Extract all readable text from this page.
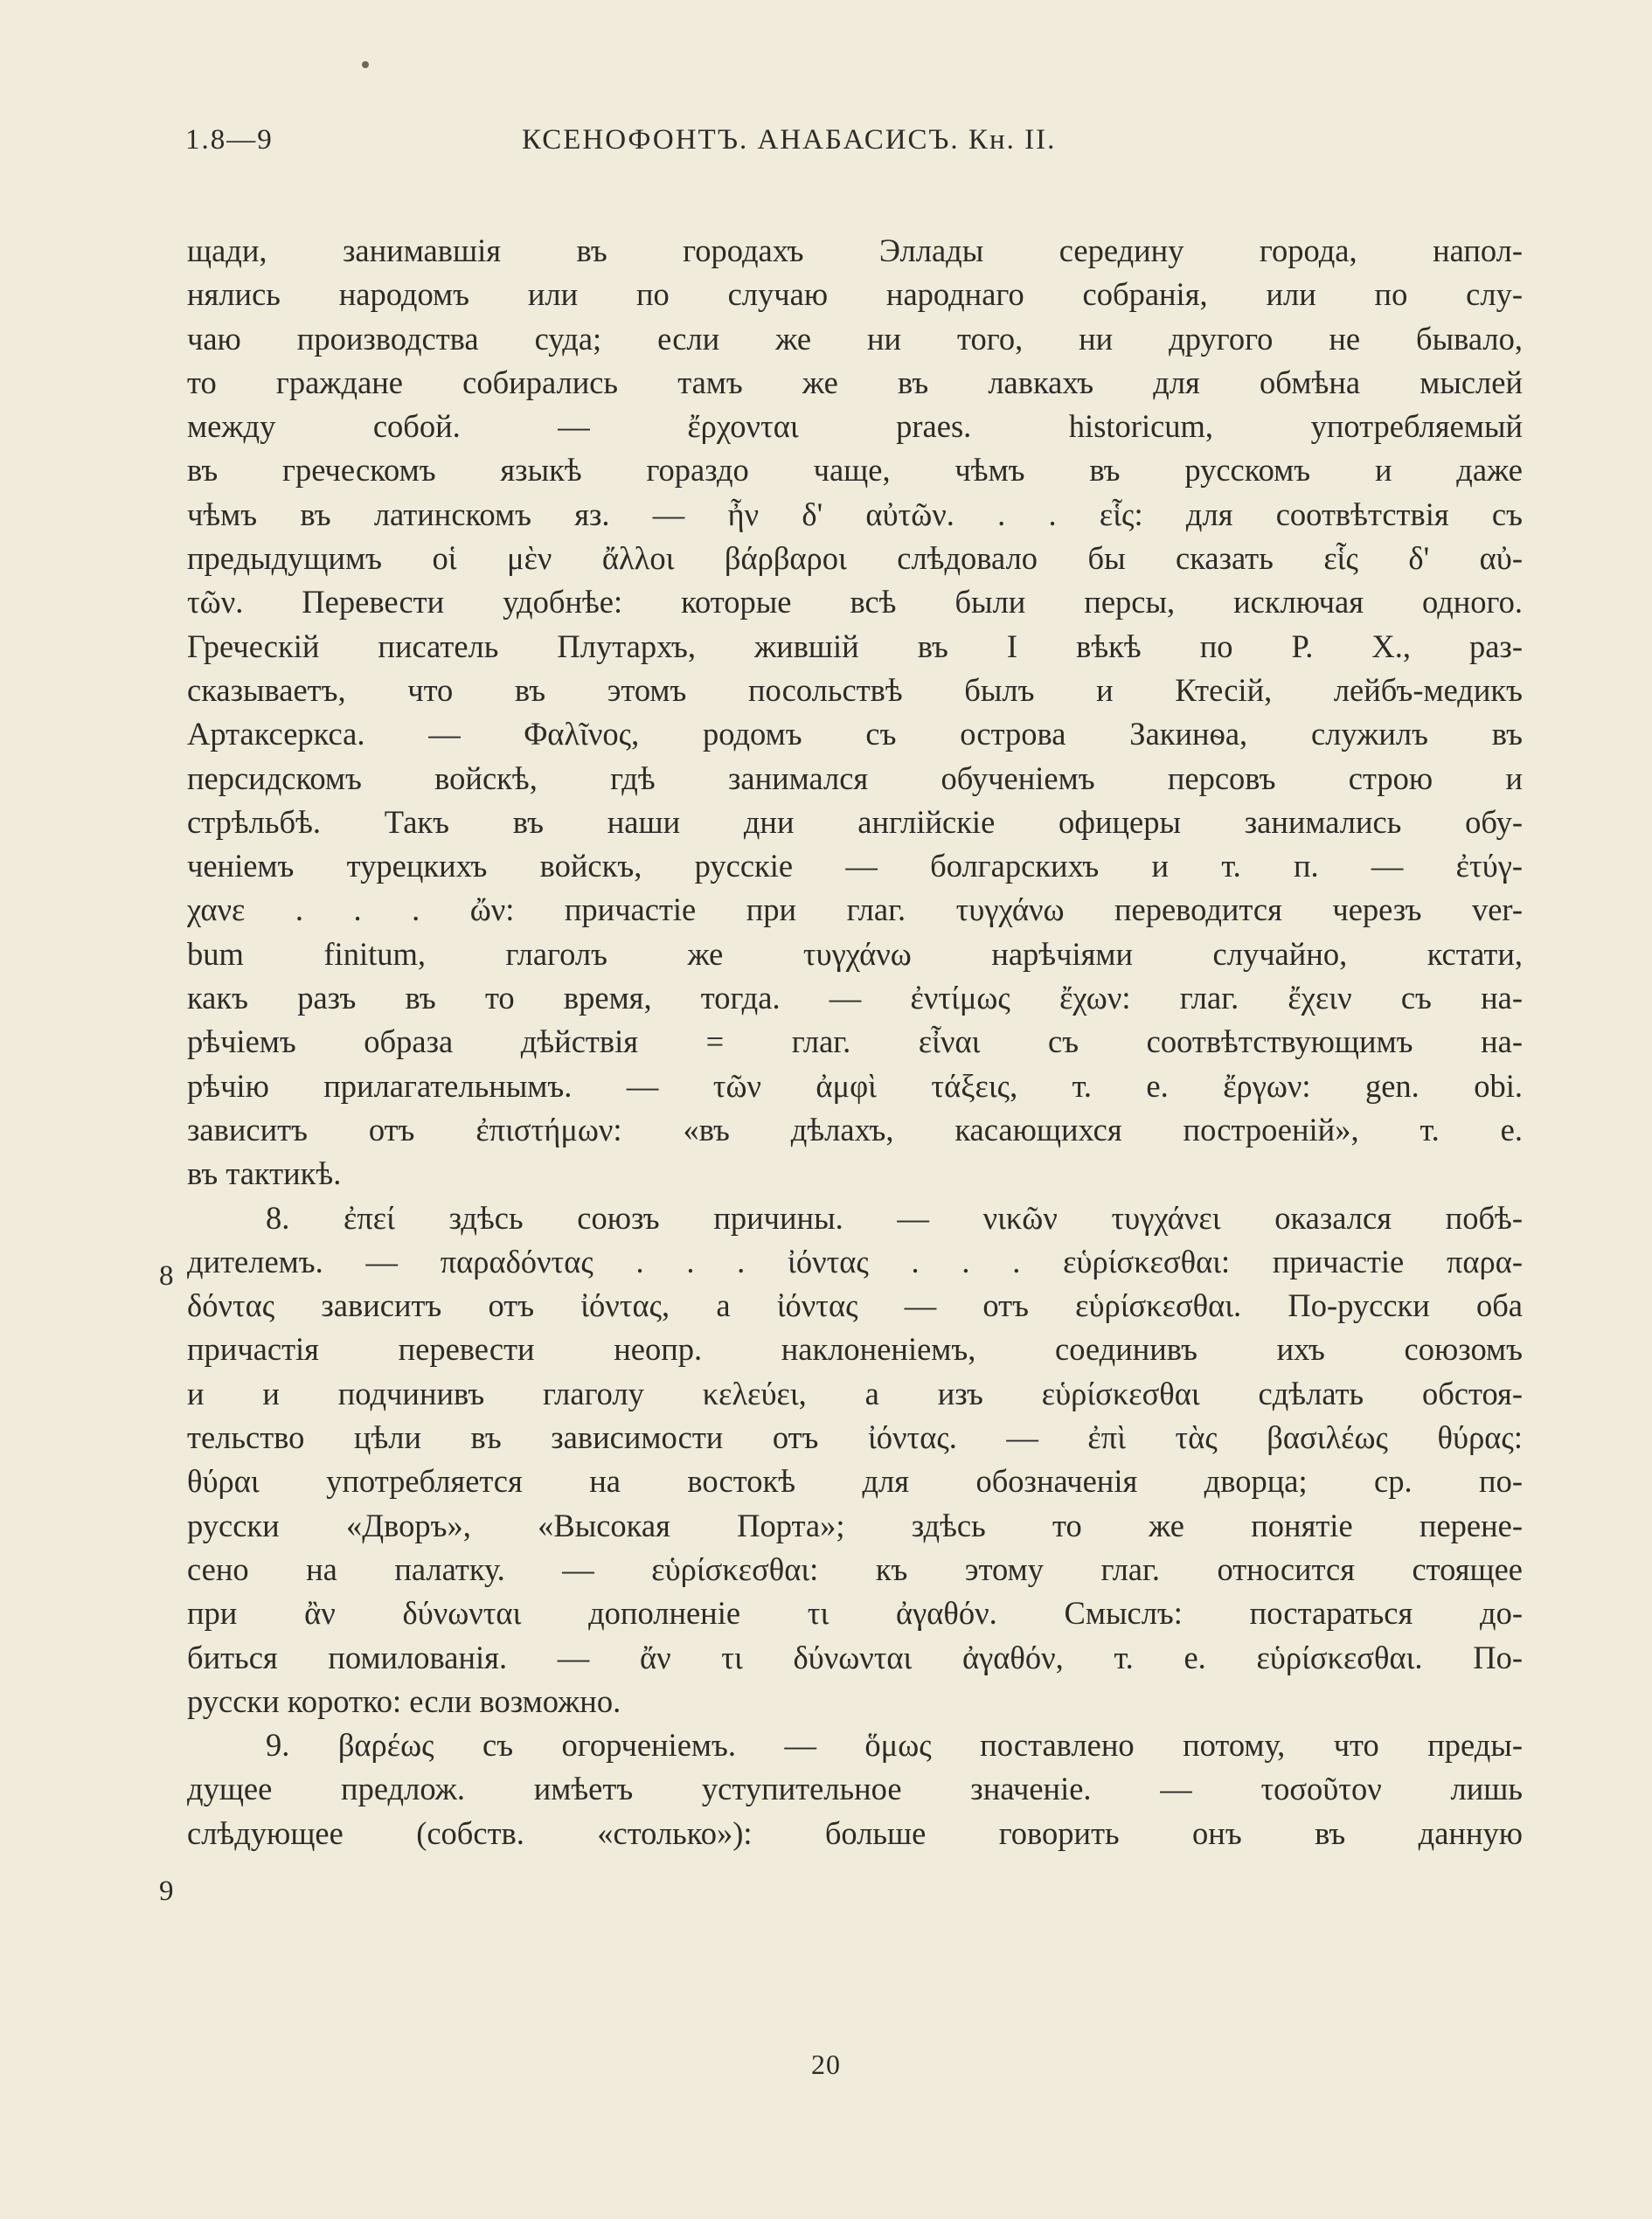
1.8—9	КСЕНОФОНТЪ. АНАБАСИСЪ. Кн. II.
8
9
щади, занимавшія въ городахъ Эллады середину города, напол-
нялись народомъ или по случаю народнаго собранія, или по слу-
чаю производства суда; если же ни того, ни другого не бывало,
то граждане собирались тамъ же въ лавкахъ для обмѣна мыслей
между собой. — ἔρχονται praes. historicum, употребляемый
въ греческомъ языкѣ гораздо чаще, чѣмъ въ русскомъ и даже
чѣмъ въ латинскомъ яз. — ἦν δ' αὐτῶν. . . εἷς: для соотвѣтствія съ
предыдущимъ οἱ μὲν ἄλλοι βάρβαροι слѣдовало бы сказать εἷς δ' αὐ-
τῶν. Перевести удобнѣе: которые всѣ были персы, исключая одного.
Греческій писатель Плутархъ, жившій въ I вѣкѣ по Р. Х., раз-
сказываетъ, что въ этомъ посольствѣ былъ и Ктесій, лейбъ-медикъ
Артаксеркса. — Φαλῖνος, родомъ съ острова Закинѳа, служилъ въ
персидскомъ войскѣ, гдѣ занимался обученіемъ персовъ строю и
стрѣльбѣ. Такъ въ наши дни англійскіе офицеры занимались обу-
ченіемъ турецкихъ войскъ, русскіе — болгарскихъ и т. п. — ἐτύγ-
χανε . . . ὤν: причастіе при глаг. τυγχάνω переводится черезъ ver-
bum finitum, глаголъ же τυγχάνω нарѣчіями случайно, кстати,
какъ разъ въ то время, тогда. — ἐντίμως ἔχων: глаг. ἔχειν съ на-
рѣчіемъ образа дѣйствія = глаг. εἶναι съ соотвѣтствующимъ на-
рѣчію прилагательнымъ. — τῶν ἀμφὶ τάξεις, т. е. ἔργων: gen. obi.
зависитъ отъ ἐπιστήμων: «въ дѣлахъ, касающихся построеній», т. е.
въ тактикѣ.
8. ἐπεί здѣсь союзъ причины. — νικῶν τυγχάνει оказался побѣ-
дителемъ. — παραδόντας . . . ἰόντας . . . εὑρίσκεσθαι: причастіе παρα-
δόντας зависитъ отъ ἰόντας, а ἰόντας — отъ εὑρίσκεσθαι. По-русски оба
причастія перевести неопр. наклоненіемъ, соединивъ ихъ союзомъ
и и подчинивъ глаголу κελεύει, а изъ εὑρίσκεσθαι сдѣлать обстоя-
тельство цѣли въ зависимости отъ ἰόντας. — ἐπὶ τὰς βασιλέως θύρας:
θύραι употребляется на востокѣ для обозначенія дворца; ср. по-
русски «Дворъ», «Высокая Порта»; здѣсь то же понятіе перене-
сено на палатку. — εὑρίσκεσθαι: къ этому глаг. относится стоящее
при ἂν δύνωνται дополненіе τι ἀγαθόν. Смыслъ: постараться до-
биться помилованія. — ἄν τι δύνωνται ἀγαθόν, т. е. εὑρίσκεσθαι. По-
русски коротко: если возможно.
9. βαρέως съ огорченіемъ. — ὅμως поставлено потому, что преды-
дущее предлож. имѣетъ уступительное значеніе. — τοσοῦτον лишь
слѣдующее (собств. «столько»): больше говорить онъ въ данную
20
